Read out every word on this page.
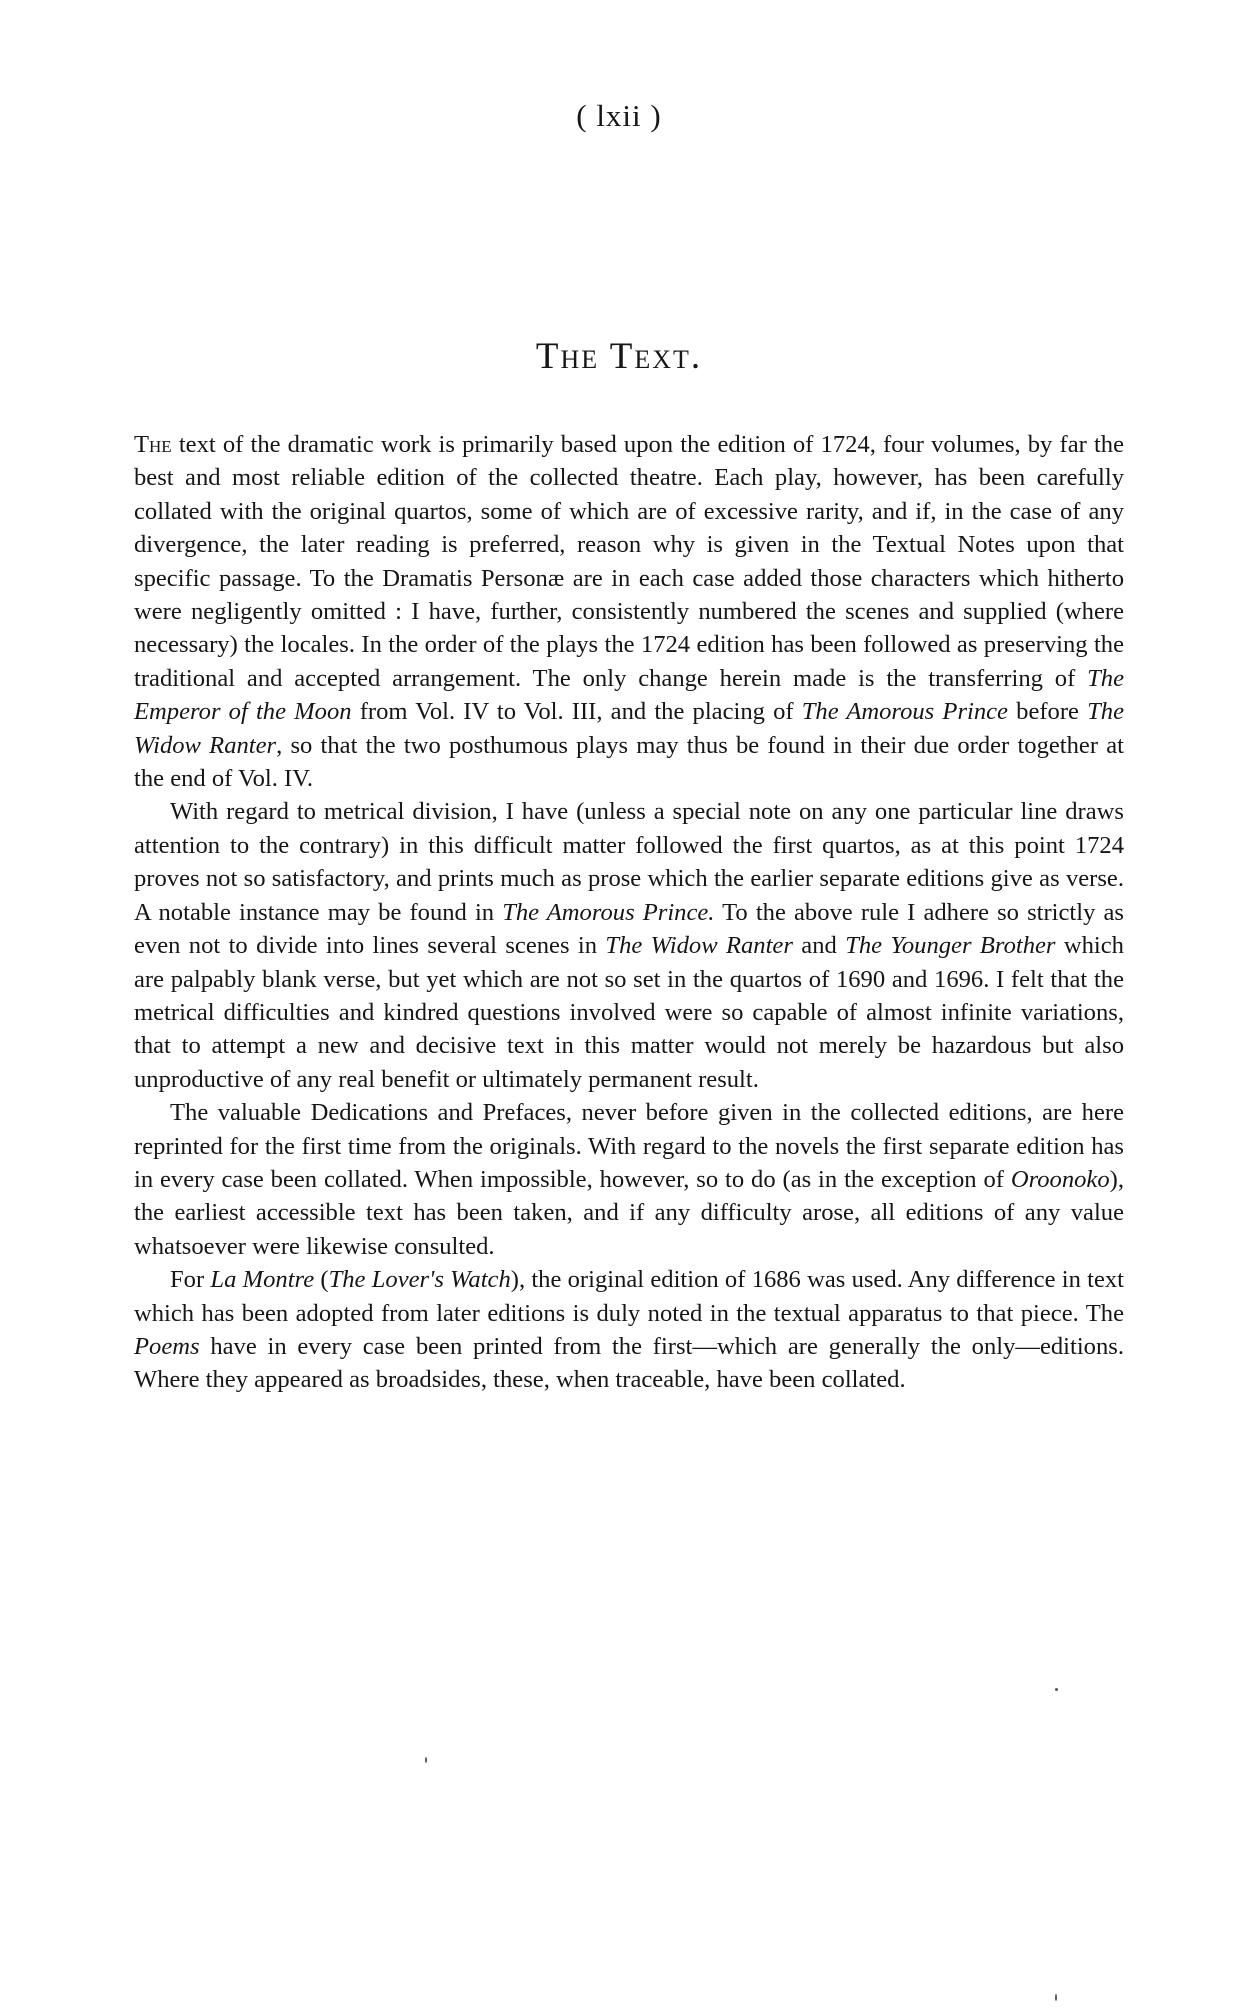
( lxii )
The Text.

The text of the dramatic work is primarily based upon the edition of 1724, four volumes, by far the best and most reliable edition of the collected theatre. Each play, however, has been carefully collated with the original quartos, some of which are of excessive rarity, and if, in the case of any divergence, the later reading is preferred, reason why is given in the Textual Notes upon that specific passage. To the Dramatis Personæ are in each case added those characters which hitherto were negligently omitted : I have, further, consistently numbered the scenes and supplied (where necessary) the locales. In the order of the plays the 1724 edition has been followed as preserving the traditional and accepted arrangement. The only change herein made is the transferring of The Emperor of the Moon from Vol. IV to Vol. III, and the placing of The Amorous Prince before The Widow Ranter, so that the two posthumous plays may thus be found in their due order together at the end of Vol. IV.

With regard to metrical division, I have (unless a special note on any one particular line draws attention to the contrary) in this difficult matter followed the first quartos, as at this point 1724 proves not so satisfactory, and prints much as prose which the earlier separate editions give as verse. A notable instance may be found in The Amorous Prince. To the above rule I adhere so strictly as even not to divide into lines several scenes in The Widow Ranter and The Younger Brother which are palpably blank verse, but yet which are not so set in the quartos of 1690 and 1696. I felt that the metrical difficulties and kindred questions involved were so capable of almost infinite variations, that to attempt a new and decisive text in this matter would not merely be hazardous but also unproductive of any real benefit or ultimately permanent result.

The valuable Dedications and Prefaces, never before given in the collected editions, are here reprinted for the first time from the originals. With regard to the novels the first separate edition has in every case been collated. When impossible, however, so to do (as in the exception of Oroonoko), the earliest accessible text has been taken, and if any difficulty arose, all editions of any value whatsoever were likewise consulted.

For La Montre (The Lover's Watch), the original edition of 1686 was used. Any difference in text which has been adopted from later editions is duly noted in the textual apparatus to that piece. The Poems have in every case been printed from the first—which are generally the only—editions. Where they appeared as broadsides, these, when traceable, have been collated.
